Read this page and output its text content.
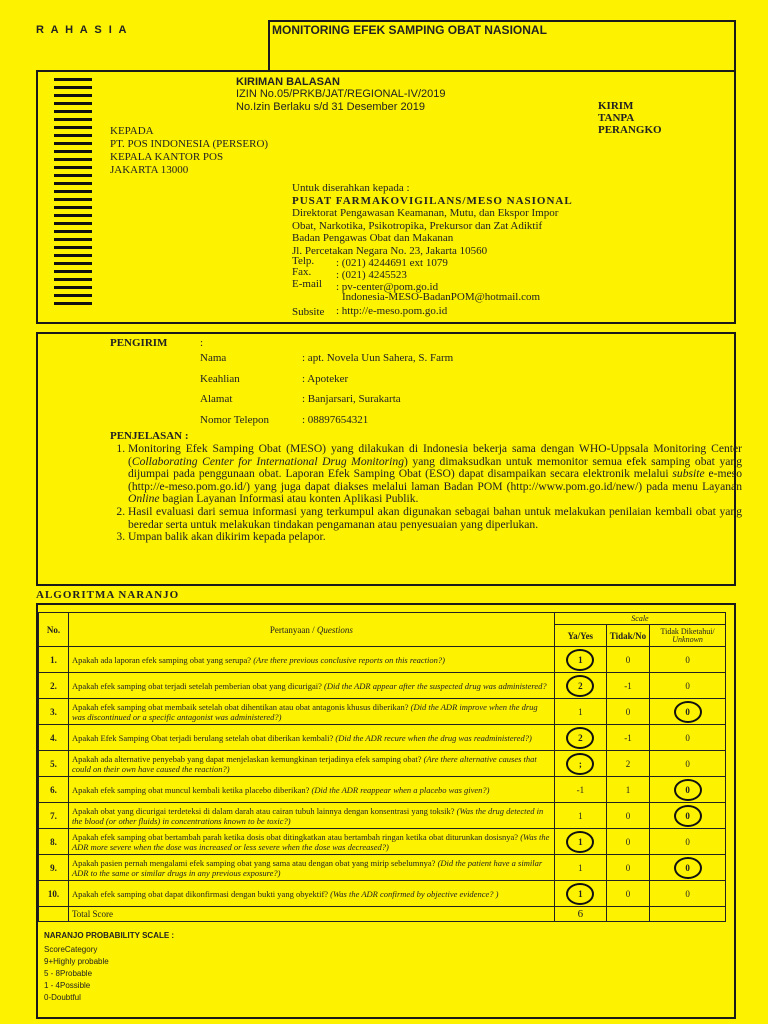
R A H A S I A	MONITORING EFEK SAMPING OBAT NASIONAL
KIRIMAN BALASAN
IZIN No.05/PRKB/JAT/REGIONAL-IV/2019
No.Izin Berlaku s/d 31 Desember 2019	KIRIM
TANPA
PERANGKO
KEPADA
PT. POS INDONESIA (PERSERO)
KEPALA KANTOR POS
JAKARTA 13000
Untuk diserahkan kepada :
PUSAT FARMAKOVIGILANS/MESO NASIONAL
Direktorat Pengawasan Keamanan, Mutu, dan Ekspor Impor
Obat, Narkotika, Psikotropika, Prekursor dan Zat Adiktif
Badan Pengawas Obat dan Makanan
Jl. Percetakan Negara No. 23, Jakarta 10560
Telp. : (021) 4244691 ext 1079
Fax. : (021) 4245523
E-mail : pv-center@pom.go.id
Indonesia-MESO-BadanPOM@hotmail.com
Subsite : http://e-meso.pom.go.id
PENGIRIM	:
Nama	: apt. Novela Uun Sahera, S. Farm
Keahlian	: Apoteker
Alamat	: Banjarsari, Surakarta
Nomor Telepon	: 08897654321
PENJELASAN :
1. Monitoring Efek Samping Obat (MESO) yang dilakukan di Indonesia bekerja sama dengan WHO-Uppsala Monitoring Center (Collaborating Center for International Drug Monitoring) yang dimaksudkan untuk memonitor semua efek samping obat yang dijumpai pada penggunaan obat. Laporan Efek Samping Obat (ESO) dapat disampaikan secara elektronik melalui subsite e-meso (http://e-meso.pom.go.id/) yang juga dapat diakses melalui laman Badan POM (http://www.pom.go.id/new/) pada menu Layanan Online bagian Layanan Informasi atau konten Aplikasi Publik.
2. Hasil evaluasi dari semua informasi yang terkumpul akan digunakan sebagai bahan untuk melakukan penilaian kembali obat yang beredar serta untuk melakukan tindakan pengamanan atau penyesuaian yang diperlukan.
3. Umpan balik akan dikirim kepada pelapor.
ALGORITMA NARANJO
No.	Pertanyaan / Questions	Scale		
		Ya/Yes	Tidak/No	Tidak Diketahui/
Unknown
1.	Apakah ada laporan efek samping obat yang serupa? (Are there previous conclusive reports on this reaction?)	1	0	0
2.	Apakah efek samping obat terjadi setelah pemberian obat yang dicurigai? (Did the ADR appear after the suspected drug was administered?	2	-1	0
3.	Apakah efek samping obat membaik setelah obat dihentikan atau obat antagonis khusus diberikan? (Did the ADR improve when the drug was discontinued or a specific antagonist was administered?)	1	0	0
4.	Apakah Efek Samping Obat terjadi berulang setelah obat diberikan kembali? (Did the ADR recure when the drug was readministered?)	2	-1	0
5.	Apakah ada alternative penyebab yang dapat menjelaskan kemungkinan terjadinya efek samping obat? (Are there alternative causes that could on their own have caused the reaction?)	;	2	0
6.	Apakah efek samping obat muncul kembali ketika placebo diberikan? (Did the ADR reappear when a placebo was given?)	-1	1	0
7.	Apakah obat yang dicurigai terdeteksi di dalam darah atau cairan tubuh lainnya dengan konsentrasi yang toksik? (Was the drug detected in the blood (or other fluids) in concentrations known to be toxic?)	1	0	0
8.	Apakah efek samping obat bertambah parah ketika dosis obat ditingkatkan atau bertambah ringan ketika obat diturunkan dosisnya? (Was the ADR more severe when the dose was increased or less severe when the dose was decreased?)	1	0	0
9.	Apakah pasien pernah mengalami efek samping obat yang sama atau dengan obat yang mirip sebelumnya? (Did the patient have a similar ADR to the same or similar drugs in any previous exposure?)	1	0	0
10.	Apakah efek samping obat dapat dikonfirmasi dengan bukti yang obyektif? (Was the ADR confirmed by objective evidence? )	1	0	0
	Total Score	6		
NARANJO PROBABILITY SCALE :
ScoreCategory
9+Highly probable
5 - 8Probable
1 - 4Possible
0-Doubtful
